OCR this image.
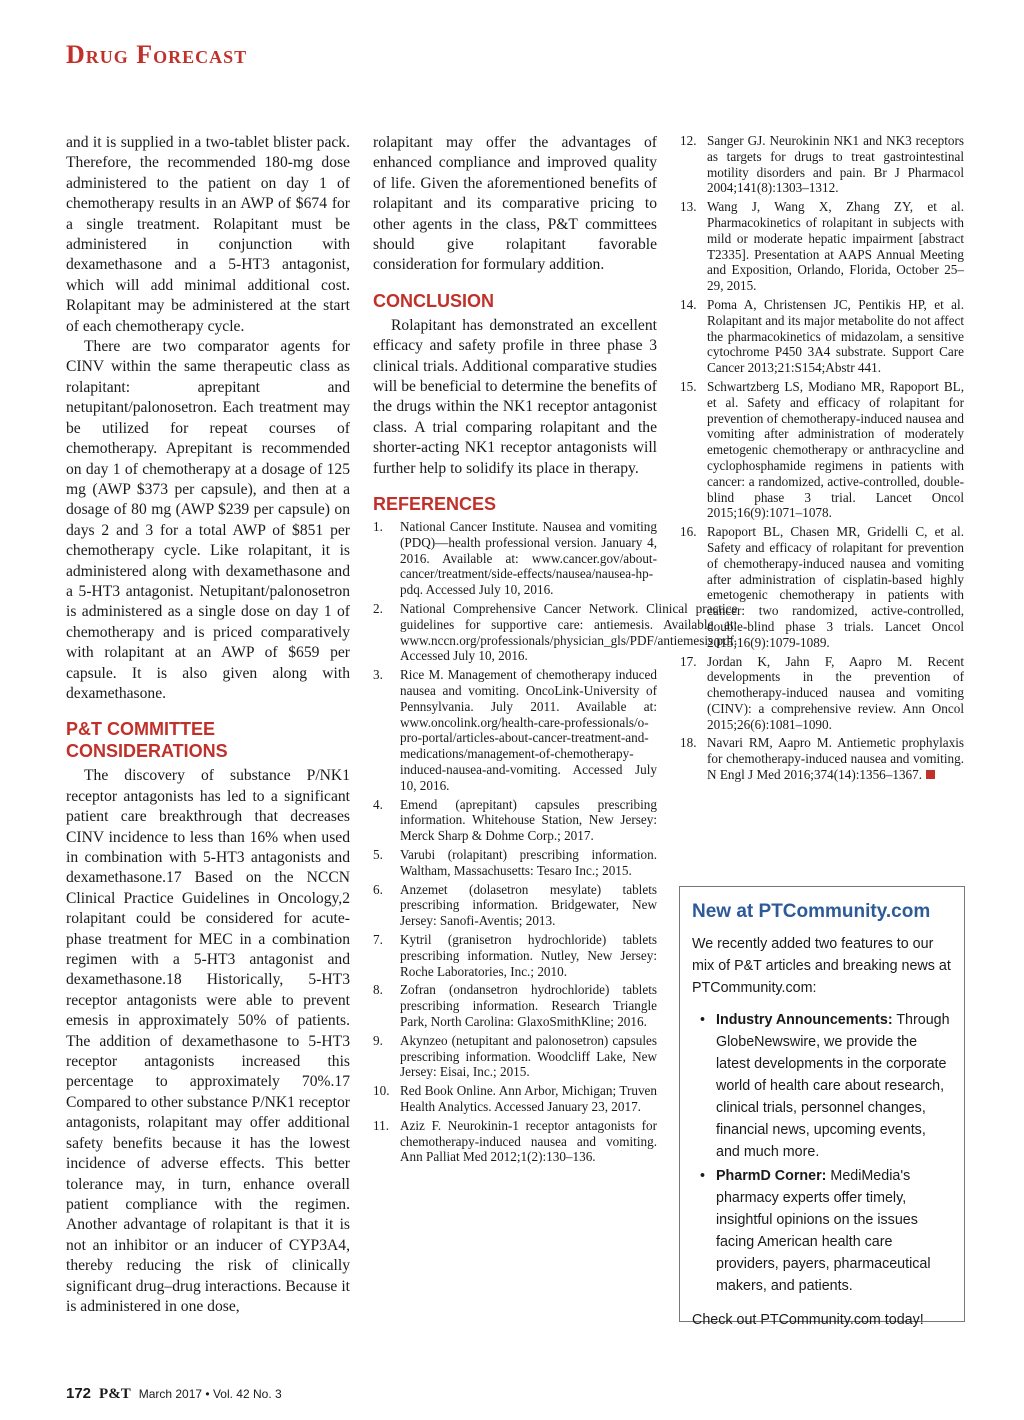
Drug Forecast

and it is supplied in a two-tablet blister pack. Therefore, the recommended 180-mg dose administered to the patient on day 1 of chemotherapy results in an AWP of $674 for a single treatment. Rolapitant must be administered in conjunction with dexamethasone and a 5-HT3 antagonist, which will add minimal additional cost. Rolapitant may be administered at the start of each chemotherapy cycle.

There are two comparator agents for CINV within the same therapeutic class as rolapitant: aprepitant and netupitant/palonosetron. Each treatment may be utilized for repeat courses of chemotherapy. Aprepitant is recommended on day 1 of chemotherapy at a dosage of 125 mg (AWP $373 per capsule), and then at a dosage of 80 mg (AWP $239 per capsule) on days 2 and 3 for a total AWP of $851 per chemotherapy cycle. Like rolapitant, it is administered along with dexamethasone and a 5-HT3 antagonist. Netupitant/palonosetron is administered as a single dose on day 1 of chemotherapy and is priced comparatively with rolapitant at an AWP of $659 per capsule. It is also given along with dexamethasone.

P&T COMMITTEE CONSIDERATIONS

The discovery of substance P/NK1 receptor antagonists has led to a significant patient care breakthrough that decreases CINV incidence to less than 16% when used in combination with 5-HT3 antagonists and dexamethasone.17 Based on the NCCN Clinical Practice Guidelines in Oncology,2 rolapitant could be considered for acute-phase treatment for MEC in a combination regimen with a 5-HT3 antagonist and dexamethasone.18 Historically, 5-HT3 receptor antagonists were able to prevent emesis in approximately 50% of patients. The addition of dexamethasone to 5-HT3 receptor antagonists increased this percentage to approximately 70%.17 Compared to other substance P/NK1 receptor antagonists, rolapitant may offer additional safety benefits because it has the lowest incidence of adverse effects. This better tolerance may, in turn, enhance overall patient compliance with the regimen. Another advantage of rolapitant is that it is not an inhibitor or an inducer of CYP3A4, thereby reducing the risk of clinically significant drug–drug interactions. Because it is administered in one dose,

rolapitant may offer the advantages of enhanced compliance and improved quality of life. Given the aforementioned benefits of rolapitant and its comparative pricing to other agents in the class, P&T committees should give rolapitant favorable consideration for formulary addition.

CONCLUSION

Rolapitant has demonstrated an excellent efficacy and safety profile in three phase 3 clinical trials. Additional comparative studies will be beneficial to determine the benefits of the drugs within the NK1 receptor antagonist class. A trial comparing rolapitant and the shorter-acting NK1 receptor antagonists will further help to solidify its place in therapy.

REFERENCES
1.	National Cancer Institute. Nausea and vomiting (PDQ)—health professional version. January 4, 2016. Available at: www.cancer.gov/about-cancer/treatment/side-effects/nausea/nausea-hp-pdq. Accessed July 10, 2016.
2.	National Comprehensive Cancer Network. Clinical practice guidelines for supportive care: antiemesis. Available at: www.nccn.org/professionals/physician_gls/PDF/antiemesis.pdf. Accessed July 10, 2016.
3.	Rice M. Management of chemotherapy induced nausea and vomiting. OncoLink-University of Pennsylvania. July 2011. Available at: www.oncolink.org/health-care-professionals/o-pro-portal/articles-about-cancer-treatment-and-medications/management-of-chemotherapy-induced-nausea-and-vomiting. Accessed July 10, 2016.
4.	Emend (aprepitant) capsules prescribing information. Whitehouse Station, New Jersey: Merck Sharp & Dohme Corp.; 2017.
5.	Varubi (rolapitant) prescribing information. Waltham, Massachusetts: Tesaro Inc.; 2015.
6.	Anzemet (dolasetron mesylate) tablets prescribing information. Bridgewater, New Jersey: Sanofi-Aventis; 2013.
7.	Kytril (granisetron hydrochloride) tablets prescribing information. Nutley, New Jersey: Roche Laboratories, Inc.; 2010.
8.	Zofran (ondansetron hydrochloride) tablets prescribing information. Research Triangle Park, North Carolina: GlaxoSmithKline; 2016.
9.	Akynzeo (netupitant and palonosetron) capsules prescribing information. Woodcliff Lake, New Jersey: Eisai, Inc.; 2015.
10. Red Book Online. Ann Arbor, Michigan; Truven Health Analytics. Accessed January 23, 2017.
11. Aziz F. Neurokinin-1 receptor antagonists for chemotherapy-induced nausea and vomiting. Ann Palliat Med 2012;1(2):130–136.
12. Sanger GJ. Neurokinin NK1 and NK3 receptors as targets for drugs to treat gastrointestinal motility disorders and pain. Br J Pharmacol 2004;141(8):1303–1312.
13. Wang J, Wang X, Zhang ZY, et al. Pharmacokinetics of rolapitant in subjects with mild or moderate hepatic impairment [abstract T2335]. Presentation at AAPS Annual Meeting and Exposition, Orlando, Florida, October 25–29, 2015.
14. Poma A, Christensen JC, Pentikis HP, et al. Rolapitant and its major metabolite do not affect the pharmacokinetics of midazolam, a sensitive cytochrome P450 3A4 substrate. Support Care Cancer 2013;21:S154;Abstr 441.
15. Schwartzberg LS, Modiano MR, Rapoport BL, et al. Safety and efficacy of rolapitant for prevention of chemotherapy-induced nausea and vomiting after administration of moderately emetogenic chemotherapy or anthracycline and cyclophosphamide regimens in patients with cancer: a randomized, active-controlled, double-blind phase 3 trial. Lancet Oncol 2015;16(9):1071–1078.
16. Rapoport BL, Chasen MR, Gridelli C, et al. Safety and efficacy of rolapitant for prevention of chemotherapy-induced nausea and vomiting after administration of cisplatin-based highly emetogenic chemotherapy in patients with cancer: two randomized, active-controlled, double-blind phase 3 trials. Lancet Oncol 2015;16(9):1079-1089.
17. Jordan K, Jahn F, Aapro M. Recent developments in the prevention of chemotherapy-induced nausea and vomiting (CINV): a comprehensive review. Ann Oncol 2015;26(6):1081–1090.
18. Navari RM, Aapro M. Antiemetic prophylaxis for chemotherapy-induced nausea and vomiting. N Engl J Med 2016;374(14):1356–1367.
New at PTCommunity.com

We recently added two features to our mix of P&T articles and breaking news at PTCommunity.com:

• Industry Announcements: Through GlobeNewswire, we provide the latest developments in the corporate world of health care about research, clinical trials, personnel changes, financial news, upcoming events, and much more.
• PharmD Corner: MediMedia's pharmacy experts offer timely, insightful opinions on the issues facing American health care providers, payers, pharmaceutical makers, and patients.

Check out PTCommunity.com today!

172 P&T March 2017 • Vol. 42 No. 3
